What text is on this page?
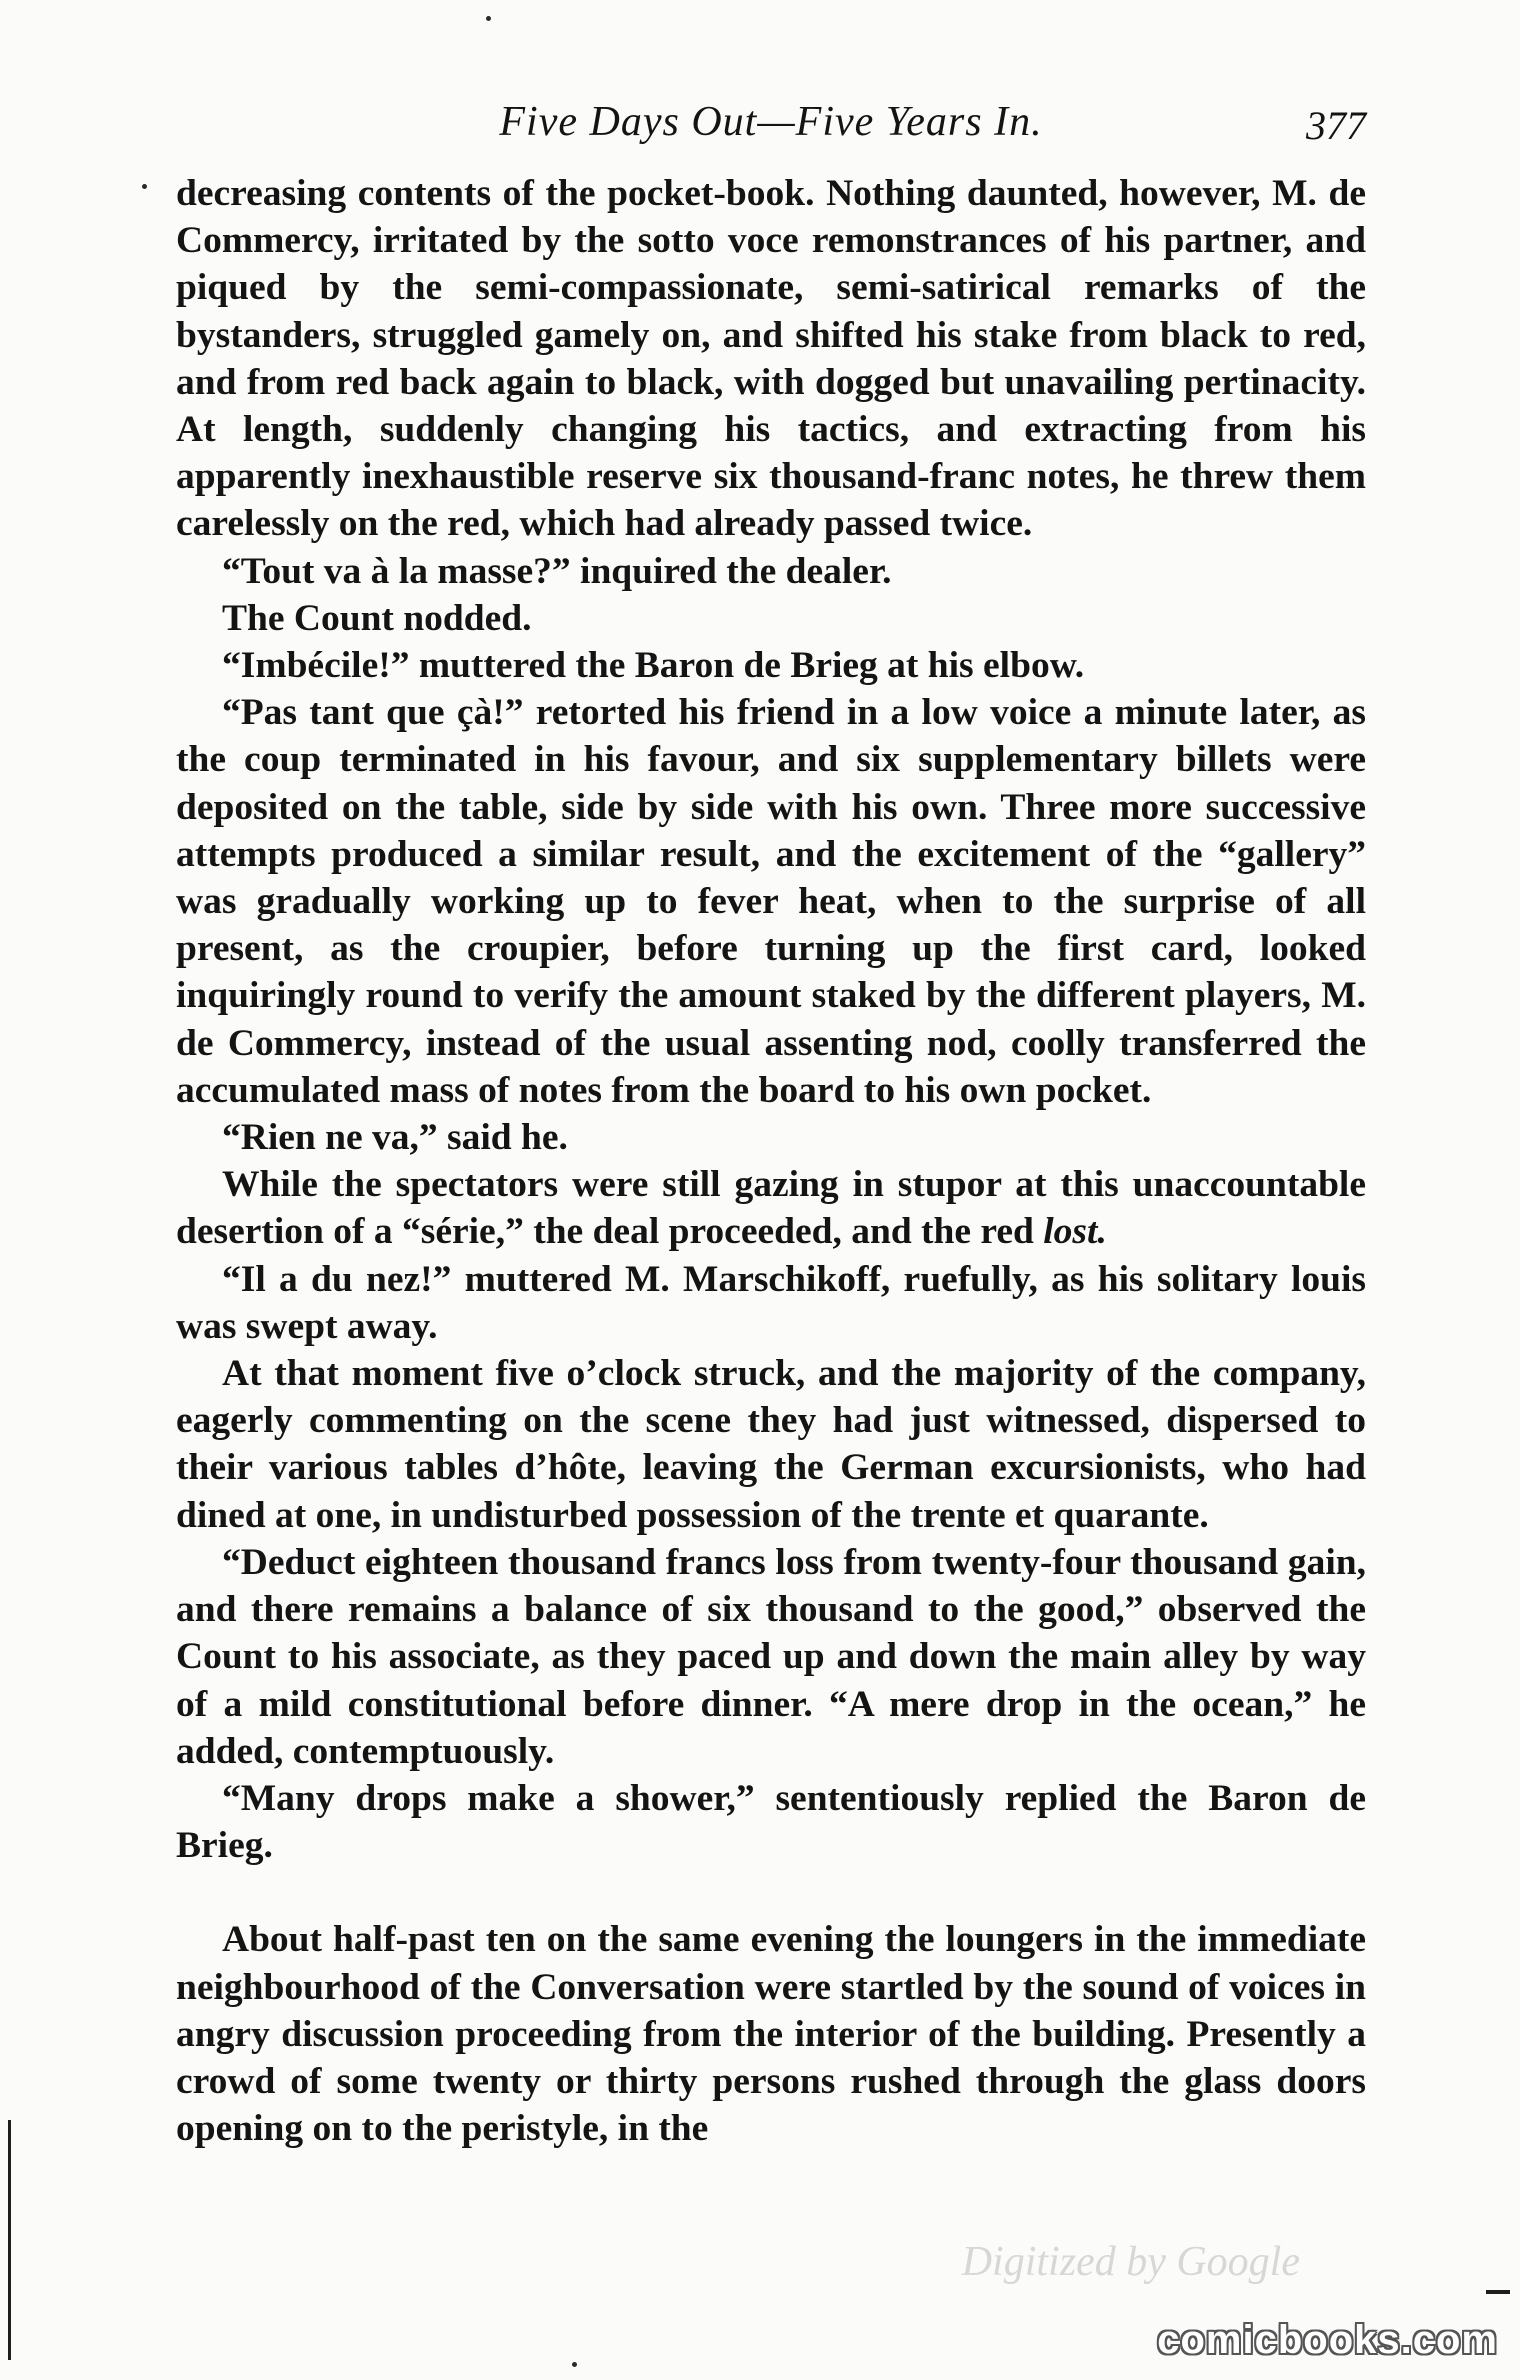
Five Days Out—Five Years In.	377

decreasing contents of the pocket-book. Nothing daunted, however, M. de Commercy, irritated by the sotto voce remonstrances of his partner, and piqued by the semi-compassionate, semi-satirical remarks of the bystanders, struggled gamely on, and shifted his stake from black to red, and from red back again to black, with dogged but unavailing pertinacity. At length, suddenly changing his tactics, and extracting from his apparently inexhaustible reserve six thousand-franc notes, he threw them carelessly on the red, which had already passed twice.

“Tout va à la masse?” inquired the dealer.

The Count nodded.

“Imbécile!” muttered the Baron de Brieg at his elbow.

“Pas tant que çà!” retorted his friend in a low voice a minute later, as the coup terminated in his favour, and six supplementary billets were deposited on the table, side by side with his own. Three more successive attempts produced a similar result, and the excitement of the “gallery” was gradually working up to fever heat, when to the surprise of all present, as the croupier, before turning up the first card, looked inquiringly round to verify the amount staked by the different players, M. de Commercy, instead of the usual assenting nod, coolly transferred the accumulated mass of notes from the board to his own pocket.

“Rien ne va,” said he.

While the spectators were still gazing in stupor at this unaccountable desertion of a “série,” the deal proceeded, and the red lost.

“Il a du nez!” muttered M. Marschikoff, ruefully, as his solitary louis was swept away.

At that moment five o’clock struck, and the majority of the company, eagerly commenting on the scene they had just witnessed, dispersed to their various tables d’hôte, leaving the German excursionists, who had dined at one, in undisturbed possession of the trente et quarante.

“Deduct eighteen thousand francs loss from twenty-four thousand gain, and there remains a balance of six thousand to the good,” observed the Count to his associate, as they paced up and down the main alley by way of a mild constitutional before dinner. “A mere drop in the ocean,” he added, contemptuously.

“Many drops make a shower,” sententiously replied the Baron de Brieg.

About half-past ten on the same evening the loungers in the immediate neighbourhood of the Conversation were startled by the sound of voices in angry discussion proceeding from the interior of the building. Presently a crowd of some twenty or thirty persons rushed through the glass doors opening on to the peristyle, in the

Digitized by Google
comicbooks.com
